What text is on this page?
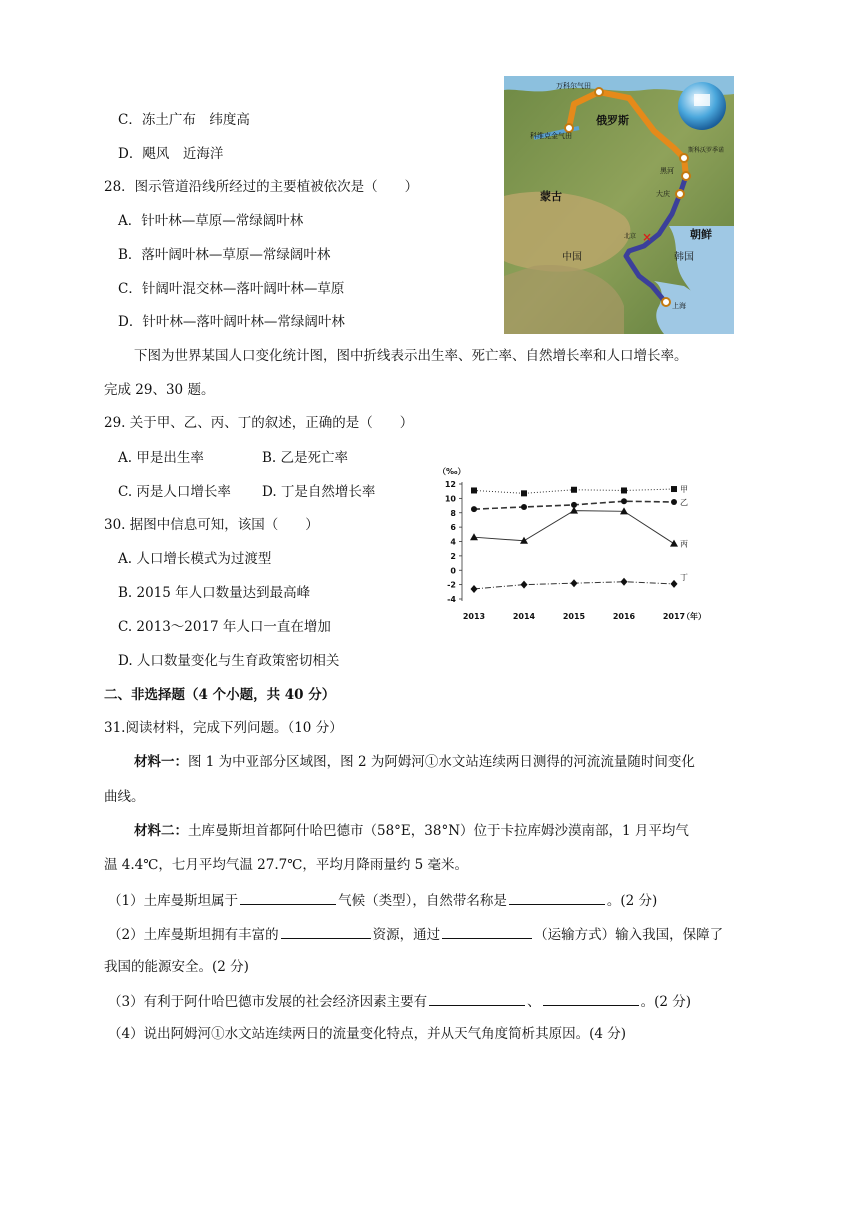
C．冻土广布　纬度高
D．飓风　近海洋
28．图示管道沿线所经过的主要植被依次是（　　）
A．针叶林—草原—常绿阔叶林
B．落叶阔叶林—草原—常绿阔叶林
C．针阔叶混交林—落叶阔叶林—草原
D．针叶林—落叶阔叶林—常绿阔叶林
×
万科尔气田
科维克金气田
俄罗斯
斯科沃罗季诺
黑河
蒙古	大庆
北京	朝鲜
韩国
中国
上海
下图为世界某国人口变化统计图，图中折线表示出生率、死亡率、自然增长率和人口增长率。
完成 29、30 题。
29. 关于甲、乙、丙、丁的叙述，正确的是（　　）
A. 甲是出生率	B. 乙是死亡率
C. 丙是人口增长率 D. 丁是自然增长率
（‰）
12
10
8
6
4
2
0
-2
-4
2013	2014	2015	2016	2017
（年）
甲
乙
丙
丁
30. 据图中信息可知，该国（　　）
A. 人口增长模式为过渡型
B. 2015 年人口数量达到最高峰
C. 2013～2017 年人口一直在增加
D. 人口数量变化与生育政策密切相关
二、非选择题（4 个小题，共 40 分）
31.阅读材料，完成下列问题。（10 分）
材料一：图 1 为中亚部分区域图，图 2 为阿姆河①水文站连续两日测得的河流流量随时间变化
曲线。
材料二：土库曼斯坦首都阿什哈巴德市（58°E，38°N）位于卡拉库姆沙漠南部，1 月平均气
温 4.4℃，七月平均气温 27.7℃，平均月降雨量约 5 毫米。
（1）土库曼斯坦属于	气候（类型），自然带名称是	。(2 分)
（2）土库曼斯坦拥有丰富的	资源，通过	（运输方式）输入我国，保障了
我国的能源安全。(2 分)
（3）有利于阿什哈巴德市发展的社会经济因素主要有	、	。(2 分)
（4）说出阿姆河①水文站连续两日的流量变化特点，并从天气角度简析其原因。(4 分)
